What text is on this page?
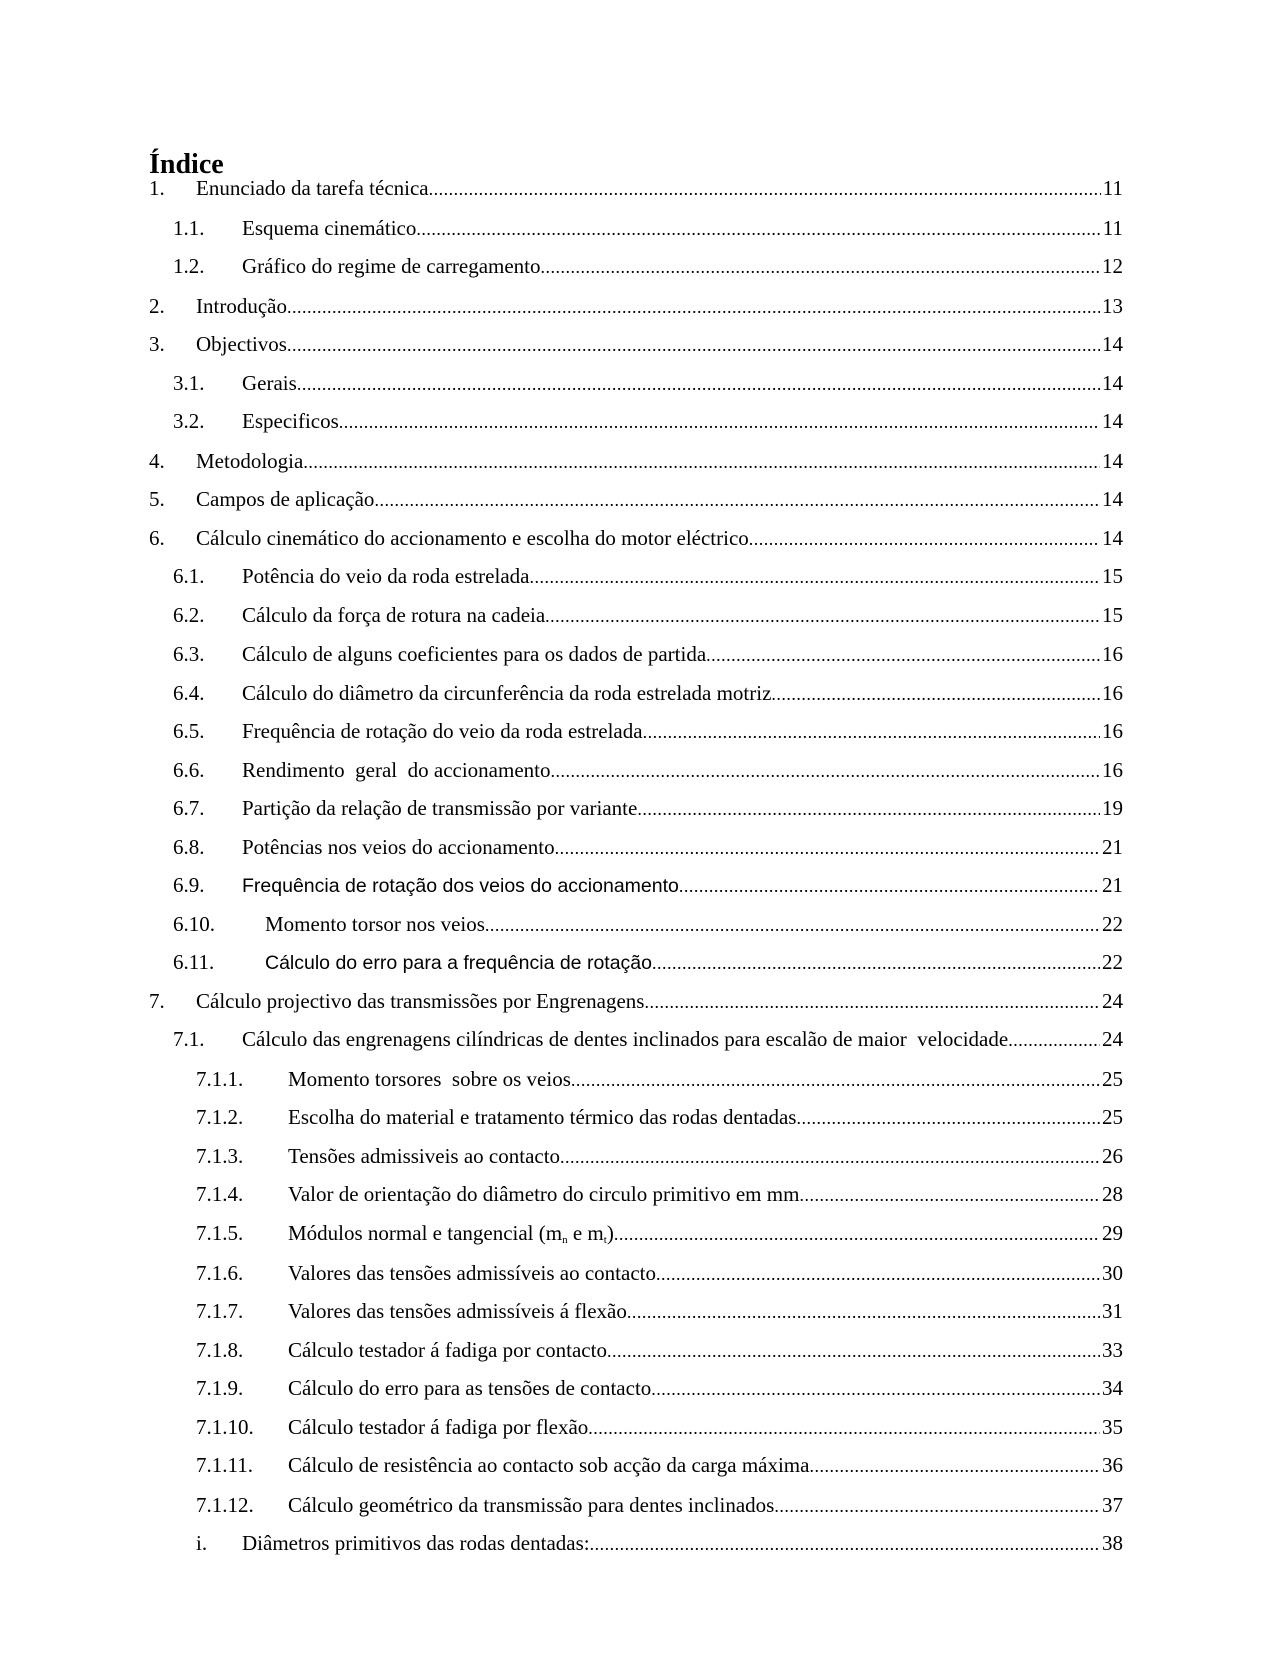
Índice
1. Enunciado da tarefa técnica .....	11
1.1. Esquema cinemático .....	11
1.2. Gráfico do regime de carregamento .....	12
2. Introdução .....	13
3. Objectivos .....	14
3.1. Gerais .....	14
3.2. Especificos .....	14
4. Metodologia .....	14
5. Campos de aplicação .....	14
6. Cálculo cinemático do accionamento e escolha do motor eléctrico .....	14
6.1. Potência do veio da roda estrelada .....	15
6.2. Cálculo da força de rotura na cadeia .....	15
6.3. Cálculo de alguns coeficientes para os dados de partida .....	16
6.4. Cálculo do diâmetro da circunferência da roda estrelada motriz .....	16
6.5. Frequência de rotação do veio da roda estrelada .....	16
6.6. Rendimento  geral  do accionamento .....	16
6.7. Partição da relação de transmissão por variante .....	19
6.8. Potências nos veios do accionamento .....	21
6.9. Frequência de rotação dos veios do accionamento .....	21
6.10. Momento torsor nos veios .....	22
6.11.	Cálculo do erro para a frequência de rotação .....	22
7. Cálculo projectivo das transmissões por Engrenagens .....	24
7.1. Cálculo das engrenagens cilíndricas de dentes inclinados para escalão de maior  velocidade .....	24
7.1.1. Momento torsores  sobre os veios .....	25
7.1.2. Escolha do material e tratamento térmico das rodas dentadas .....	25
7.1.3. Tensões admissiveis ao contacto .....	26
7.1.4. Valor de orientação do diâmetro do circulo primitivo em mm .....	28
7.1.5. Módulos normal e tangencial ($m_n$ e $m_t$) .....	29
7.1.6. Valores das tensões admissíveis ao contacto .....	30
7.1.7. Valores das tensões admissíveis á flexão .....	31
7.1.8. Cálculo testador á fadiga por contacto .....	33
7.1.9. Cálculo do erro para as tensões de contacto .....	34
7.1.10. Cálculo testador á fadiga por flexão .....	35
7.1.11. Cálculo de resistência ao contacto sob acção da carga máxima .....	36
7.1.12. Cálculo geométrico da transmissão para dentes inclinados .....	37
i. Diâmetros primitivos das rodas dentadas: .....	38
